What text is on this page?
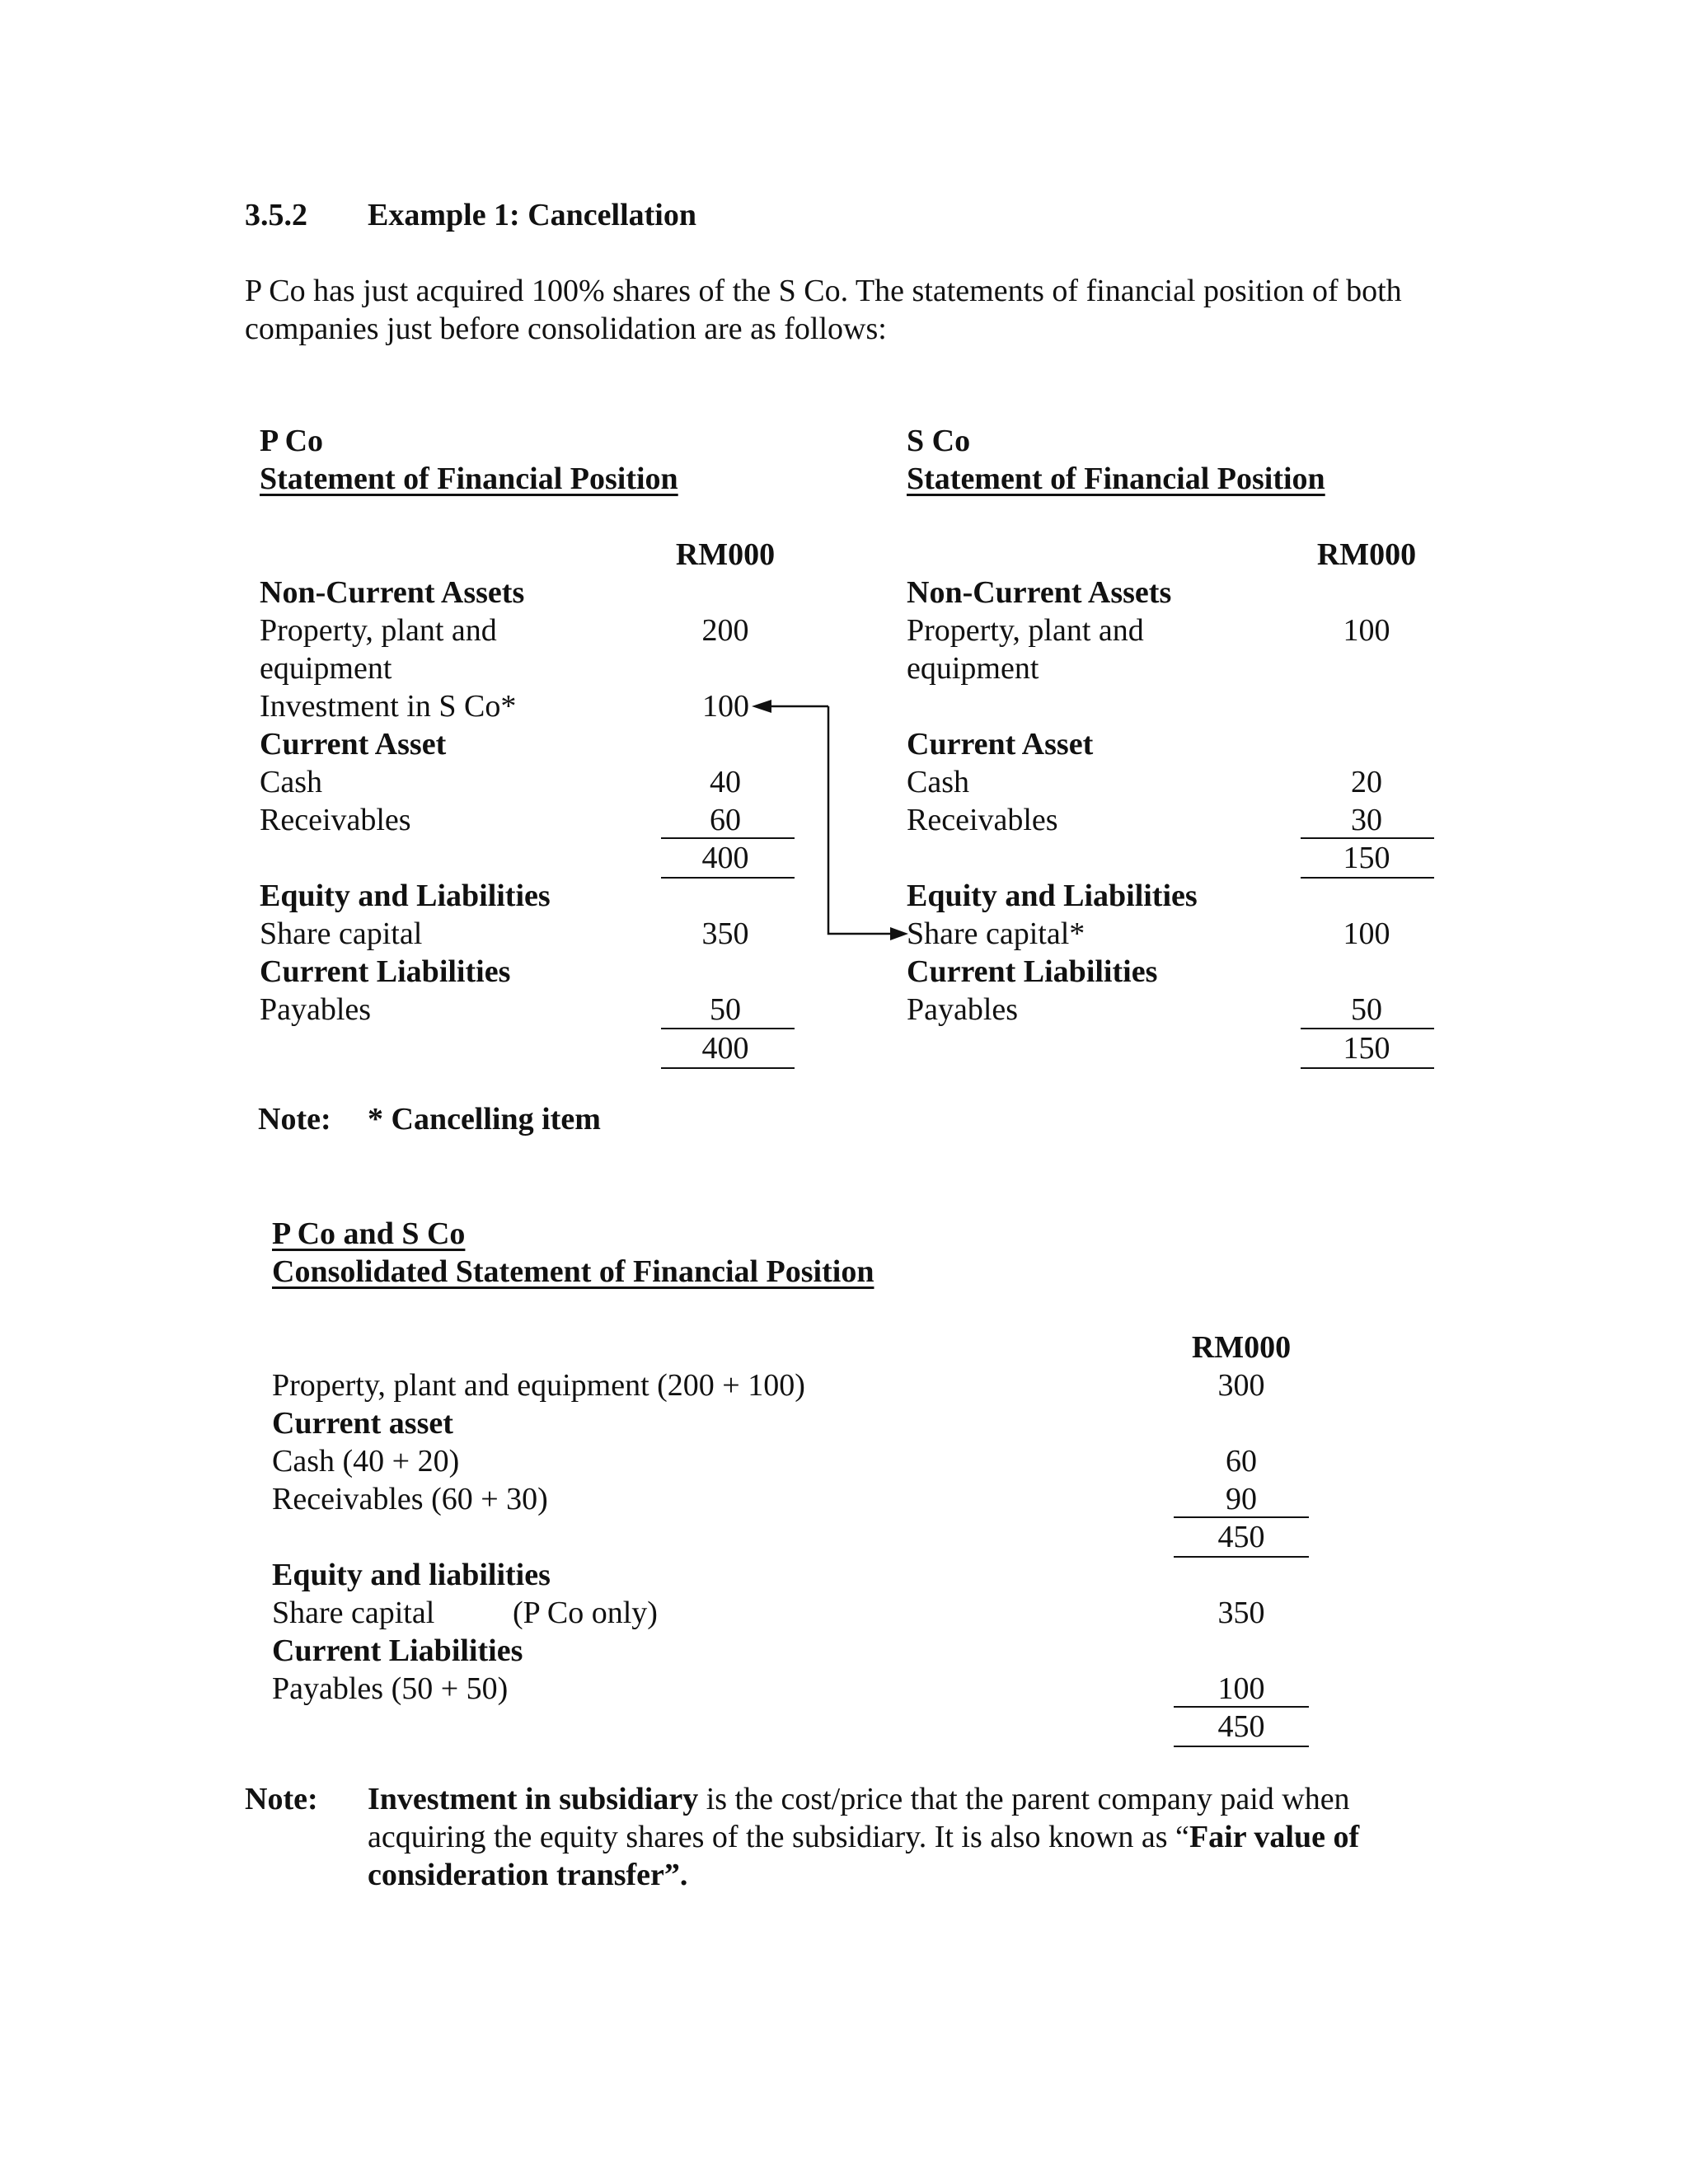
3.5.2 Example 1: Cancellation
P Co has just acquired 100% shares of the S Co. The statements of financial position of both companies just before consolidation are as follows:
P Co
Statement of Financial Position
RM000
Non-Current Assets
Property, plant and
equipment
200
Investment in S Co*	100
Current Asset
Cash	40
Receivables	60
400
Equity and Liabilities
Share capital	350
Current Liabilities
Payables	50
400
S Co
Statement of Financial Position
RM000
Non-Current Assets
Property, plant and
equipment
100
Current Asset
Cash	20
Receivables	30
150
Equity and Liabilities
Share capital*	100
Current Liabilities
Payables	50
150
Note: * Cancelling item
P Co and S Co
Consolidated Statement of Financial Position
RM000
Property, plant and equipment (200 + 100)	300
Current asset
Cash (40 + 20)	60
Receivables (60 + 30)	90
450
Equity and liabilities
Share capital (P Co only)	350
Current Liabilities
Payables (50 + 50)	100
450
Note: Investment in subsidiary is the cost/price that the parent company paid when acquiring the equity shares of the subsidiary. It is also known as “Fair value of consideration transfer”.
